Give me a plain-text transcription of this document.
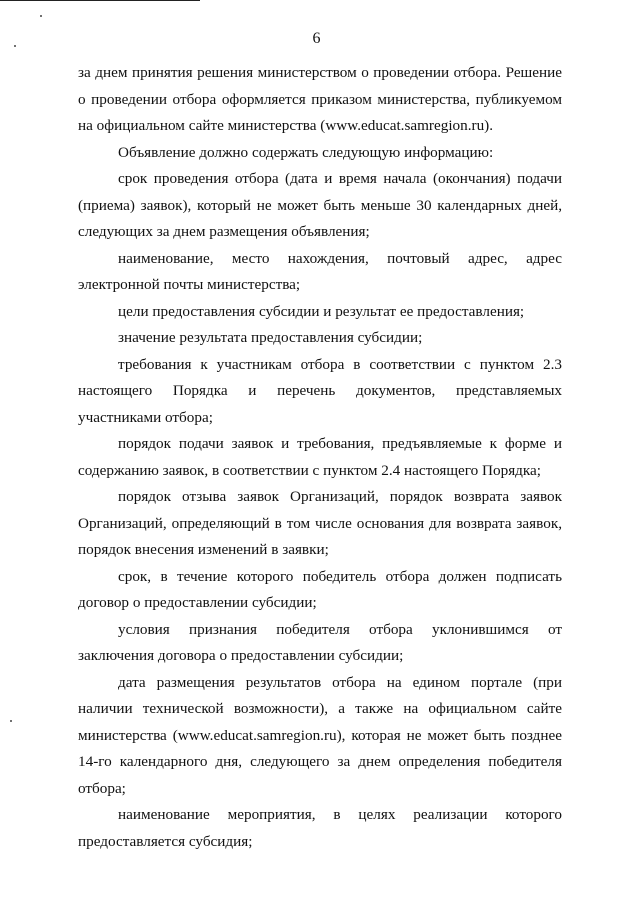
6

за днем принятия решения министерством о проведении отбора. Решение о проведении отбора оформляется приказом министерства, публикуемом на официальном сайте министерства (www.educat.samregion.ru).

Объявление должно содержать следующую информацию:

срок проведения отбора (дата и время начала (окончания) подачи (приема) заявок), который не может быть меньше 30 календарных дней, следующих за днем размещения объявления;

наименование, место нахождения, почтовый адрес, адрес электронной почты министерства;

цели предоставления субсидии и результат ее предоставления;

значение результата предоставления субсидии;

требования к участникам отбора в соответствии с пунктом 2.3 настоящего Порядка и перечень документов, представляемых участниками отбора;

порядок подачи заявок и требования, предъявляемые к форме и содержанию заявок, в соответствии с пунктом 2.4 настоящего Порядка;

порядок отзыва заявок Организаций, порядок возврата заявок Организаций, определяющий в том числе основания для возврата заявок, порядок внесения изменений в заявки;

срок, в течение которого победитель отбора должен подписать договор о предоставлении субсидии;

условия признания победителя отбора уклонившимся от заключения договора о предоставлении субсидии;

дата размещения результатов отбора на едином портале (при наличии технической возможности), а также на официальном сайте министерства (www.educat.samregion.ru), которая не может быть позднее 14-го календарного дня, следующего за днем определения победителя отбора;

наименование мероприятия, в целях реализации которого предоставляется субсидия;
